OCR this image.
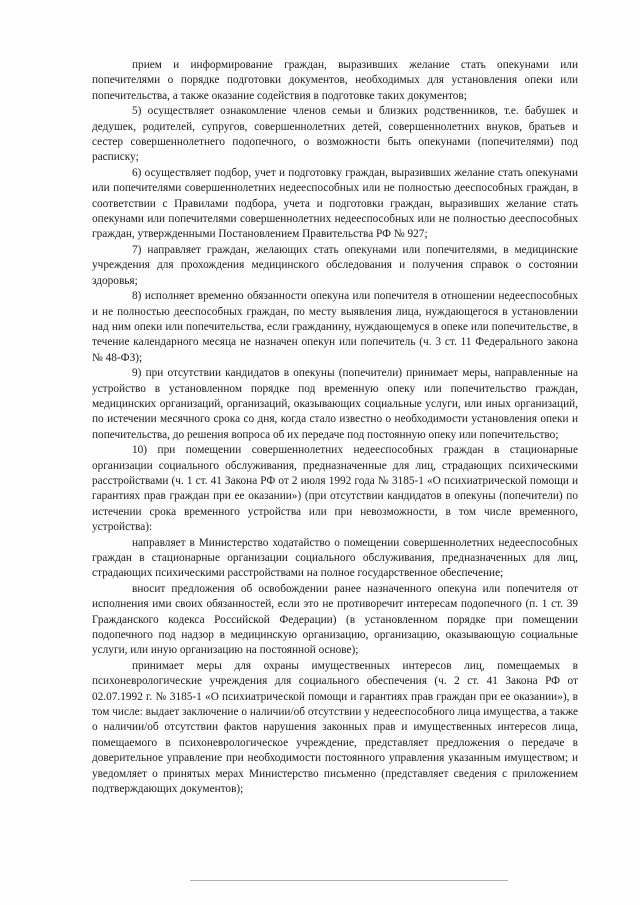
прием и информирование граждан, выразивших желание стать опекунами или попечителями о порядке подготовки документов, необходимых для установления опеки или попечительства, а также оказание содействия в подготовке таких документов;

5) осуществляет ознакомление членов семьи и близких родственников, т.е. бабушек и дедушек, родителей, супругов, совершеннолетних детей, совершеннолетних внуков, братьев и сестер совершеннолетнего подопечного, о возможности быть опекунами (попечителями) под расписку;

6) осуществляет подбор, учет и подготовку граждан, выразивших желание стать опекунами или попечителями совершеннолетних недееспособных или не полностью дееспособных граждан, в соответствии с Правилами подбора, учета и подготовки граждан, выразивших желание стать опекунами или попечителями совершеннолетних недееспособных или не полностью дееспособных граждан, утвержденными Постановлением Правительства РФ № 927;

7) направляет граждан, желающих стать опекунами или попечителями, в медицинские учреждения для прохождения медицинского обследования и получения справок о состоянии здоровья;

8) исполняет временно обязанности опекуна или попечителя в отношении недееспособных и не полностью дееспособных граждан, по месту выявления лица, нуждающегося в установлении над ним опеки или попечительства, если гражданину, нуждающемуся в опеке или попечительстве, в течение календарного месяца не назначен опекун или попечитель (ч. 3 ст. 11 Федерального закона № 48-ФЗ);

9) при отсутствии кандидатов в опекуны (попечители) принимает меры, направленные на устройство в установленном порядке под временную опеку или попечительство граждан, медицинских организаций, организаций, оказывающих социальные услуги, или иных организаций, по истечении месячного срока со дня, когда стало известно о необходимости установления опеки и попечительства, до решения вопроса об их передаче под постоянную опеку или попечительство;

10) при помещении совершеннолетних недееспособных граждан в стационарные организации социального обслуживания, предназначенные для лиц, страдающих психическими расстройствами (ч. 1 ст. 41 Закона РФ от 2 июля 1992 года № 3185-1 «О психиатрической помощи и гарантиях прав граждан при ее оказании») (при отсутствии кандидатов в опекуны (попечители) по истечении срока временного устройства или при невозможности, в том числе временного, устройства):

направляет в Министерство ходатайство о помещении совершеннолетних недееспособных граждан в стационарные организации социального обслуживания, предназначенных для лиц, страдающих психическими расстройствами на полное государственное обеспечение;

вносит предложения об освобождении ранее назначенного опекуна или попечителя от исполнения ими своих обязанностей, если это не противоречит интересам подопечного (п. 1 ст. 39 Гражданского кодекса Российской Федерации) (в установленном порядке при помещении подопечного под надзор в медицинскую организацию, организацию, оказывающую социальные услуги, или иную организацию на постоянной основе);

принимает меры для охраны имущественных интересов лиц, помещаемых в психоневрологические учреждения для социального обеспечения (ч. 2 ст. 41 Закона РФ от 02.07.1992 г. № 3185-1 «О психиатрической помощи и гарантиях прав граждан при ее оказании»), в том числе: выдает заключение о наличии/об отсутствии у недееспособного лица имущества, а также о наличии/об отсутствии фактов нарушения законных прав и имущественных интересов лица, помещаемого в психоневрологическое учреждение, представляет предложения о передаче в доверительное управление при необходимости постоянного управления указанным имуществом; и уведомляет о принятых мерах Министерство письменно (представляет сведения с приложением подтверждающих документов);
